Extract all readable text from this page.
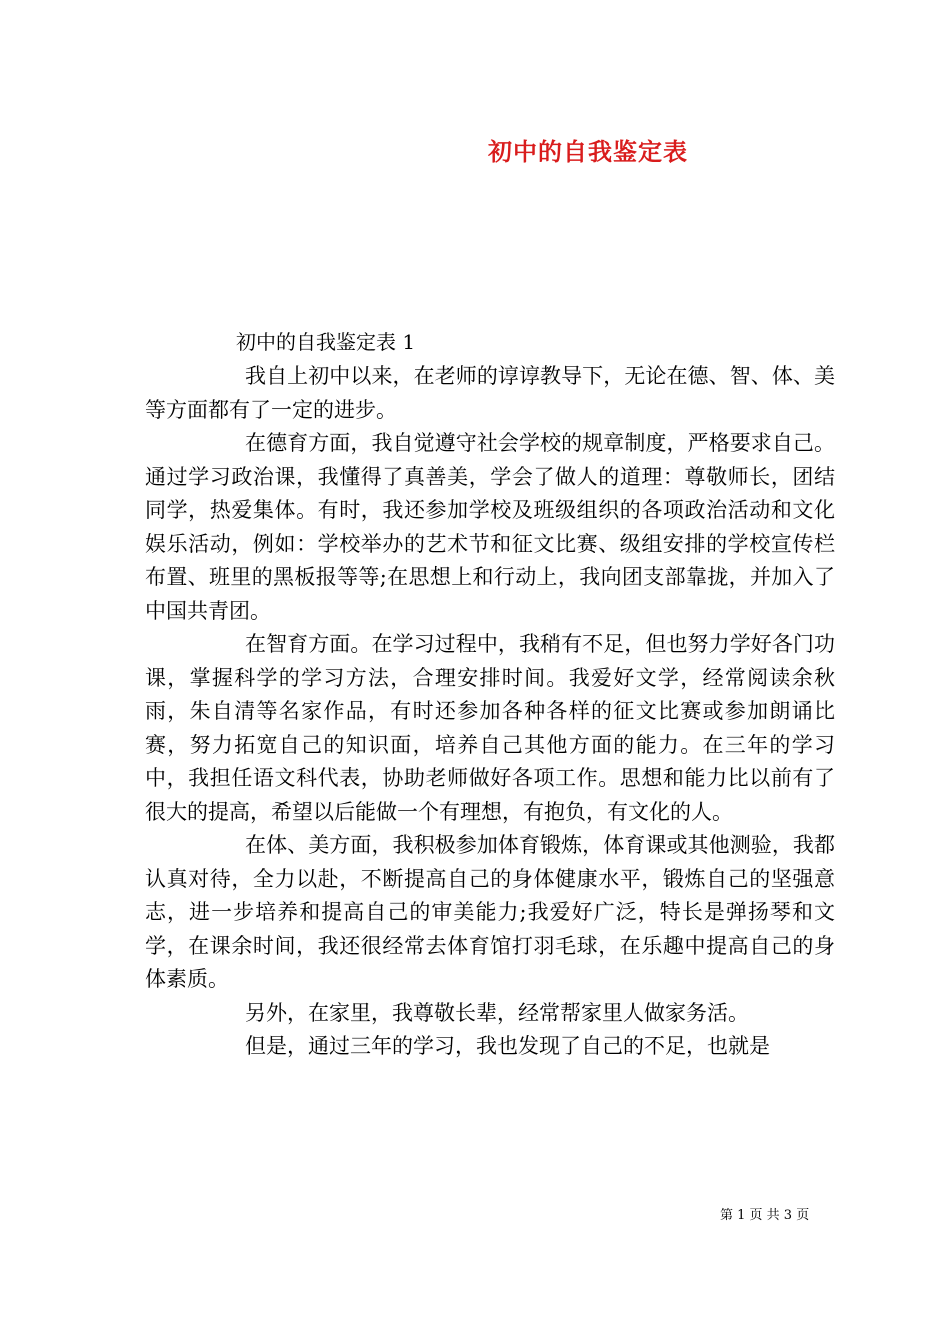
初中的自我鉴定表
初中的自我鉴定表 1

我自上初中以来，在老师的谆谆教导下，无论在德、智、体、美等方面都有了一定的进步。

在德育方面，我自觉遵守社会学校的规章制度，严格要求自己。通过学习政治课，我懂得了真善美，学会了做人的道理：尊敬师长，团结同学，热爱集体。有时，我还参加学校及班级组织的各项政治活动和文化娱乐活动，例如：学校举办的艺术节和征文比赛、级组安排的学校宣传栏布置、班里的黑板报等等;在思想上和行动上，我向团支部靠拢，并加入了中国共青团。

在智育方面。在学习过程中，我稍有不足，但也努力学好各门功课，掌握科学的学习方法，合理安排时间。我爱好文学，经常阅读余秋雨，朱自清等名家作品，有时还参加各种各样的征文比赛或参加朗诵比赛，努力拓宽自己的知识面，培养自己其他方面的能力。在三年的学习中，我担任语文科代表，协助老师做好各项工作。思想和能力比以前有了很大的提高，希望以后能做一个有理想，有抱负，有文化的人。

在体、美方面，我积极参加体育锻炼，体育课或其他测验，我都认真对待，全力以赴，不断提高自己的身体健康水平，锻炼自己的坚强意志，进一步培养和提高自己的审美能力;我爱好广泛，特长是弹扬琴和文学，在课余时间，我还很经常去体育馆打羽毛球，在乐趣中提高自己的身体素质。

另外，在家里，我尊敬长辈，经常帮家里人做家务活。

但是，通过三年的学习，我也发现了自己的不足，也就是

第 1 页 共 3 页
